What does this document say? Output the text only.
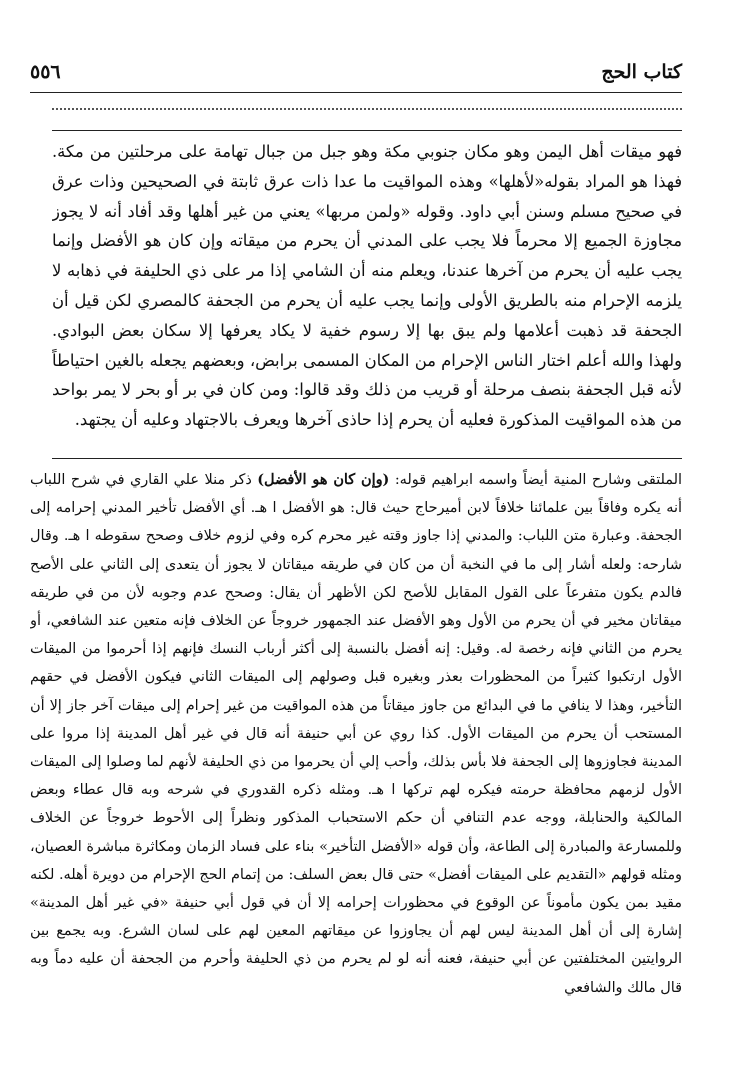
٥٥٦	كتاب الحج

فهو ميقات أهل اليمن وهو مكان جنوبي مكة وهو جبل من جبال تهامة على مرحلتين من مكة. فهذا هو المراد بقوله«لأهلها» وهذه المواقيت ما عدا ذات عرق ثابتة في الصحيحين وذات عرق في صحيح مسلم وسنن أبي داود. وقوله «ولمن مربها» يعني من غير أهلها وقد أفاد أنه لا يجوز مجاوزة الجميع إلا محرماً فلا يجب على المدني أن يحرم من ميقاته وإن كان هو الأفضل وإنما يجب عليه أن يحرم من آخرها عندنا، ويعلم منه أن الشامي إذا مر على ذي الحليفة في ذهابه لا يلزمه الإحرام منه بالطريق الأولى وإنما يجب عليه أن يحرم من الجحفة كالمصري لكن قيل أن الجحفة قد ذهبت أعلامها ولم يبق بها إلا رسوم خفية لا يكاد يعرفها إلا سكان بعض البوادي. ولهذا والله أعلم اختار الناس الإحرام من المكان المسمى برابض، وبعضهم يجعله بالغين احتياطاً لأنه قبل الجحفة بنصف مرحلة أو قريب من ذلك وقد قالوا: ومن كان في بر أو بحر لا يمر بواحد من هذه المواقيت المذكورة فعليه أن يحرم إذا حاذى آخرها ويعرف بالاجتهاد وعليه أن يجتهد.

الملتقى وشارح المنية أيضاً واسمه ابراهيم قوله: (وإن كان هو الأفضل) ذكر منلا علي القاري في شرح اللباب أنه يكره وفاقاً بين علمائنا خلافاً لابن أميرحاج حيث قال: هو الأفضل ا هـ. أي الأفضل تأخير المدني إحرامه إلى الجحفة. وعبارة متن اللباب: والمدني إذا جاوز وقته غير محرم كره وفي لزوم خلاف وصحح سقوطه ا هـ. وقال شارحه: ولعله أشار إلى ما في النخبة أن من كان في طريقه ميقاتان لا يجوز أن يتعدى إلى الثاني على الأصح فالدم يكون متفرعاً على القول المقابل للأصح لكن الأظهر أن يقال: وصحح عدم وجوبه لأن من في طريقه ميقاتان مخير في أن يحرم من الأول وهو الأفضل عند الجمهور خروجاً عن الخلاف فإنه متعين عند الشافعي، أو يحرم من الثاني فإنه رخصة له. وقيل: إنه أفضل بالنسبة إلى أكثر أرباب النسك فإنهم إذا أحرموا من الميقات الأول ارتكبوا كثيراً من المحظورات بعذر وبغيره قبل وصولهم إلى الميقات الثاني فيكون الأفضل في حقهم التأخير، وهذا لا ينافي ما في البدائع من جاوز ميقاتاً من هذه المواقيت من غير إحرام إلى ميقات آخر جاز إلا أن المستحب أن يحرم من الميقات الأول. كذا روي عن أبي حنيفة أنه قال في غير أهل المدينة إذا مروا على المدينة فجاوزوها إلى الجحفة فلا بأس بذلك، وأحب إلي أن يحرموا من ذي الحليفة لأنهم لما وصلوا إلى الميقات الأول لزمهم محافظة حرمته فيكره لهم تركها ا هـ. ومثله ذكره القدوري في شرحه وبه قال عطاء وبعض المالكية والحنابلة، ووجه عدم التنافي أن حكم الاستحباب المذكور ونظراً إلى الأحوط خروجاً عن الخلاف وللمسارعة والمبادرة إلى الطاعة، وأن قوله «الأفضل التأخير» بناء على فساد الزمان ومكاثرة مباشرة العصيان، ومثله قولهم «التقديم على الميقات أفضل» حتى قال بعض السلف: من إتمام الحج الإحرام من دويرة أهله. لكنه مقيد بمن يكون مأموناً عن الوقوع في محظورات إحرامه إلا أن في قول أبي حنيفة «في غير أهل المدينة» إشارة إلى أن أهل المدينة ليس لهم أن يجاوزوا عن ميقاتهم المعين لهم على لسان الشرع. وبه يجمع بين الروايتين المختلفتين عن أبي حنيفة، فعنه أنه لو لم يحرم من ذي الحليفة وأحرم من الجحفة أن عليه دماً وبه قال مالك والشافعي
